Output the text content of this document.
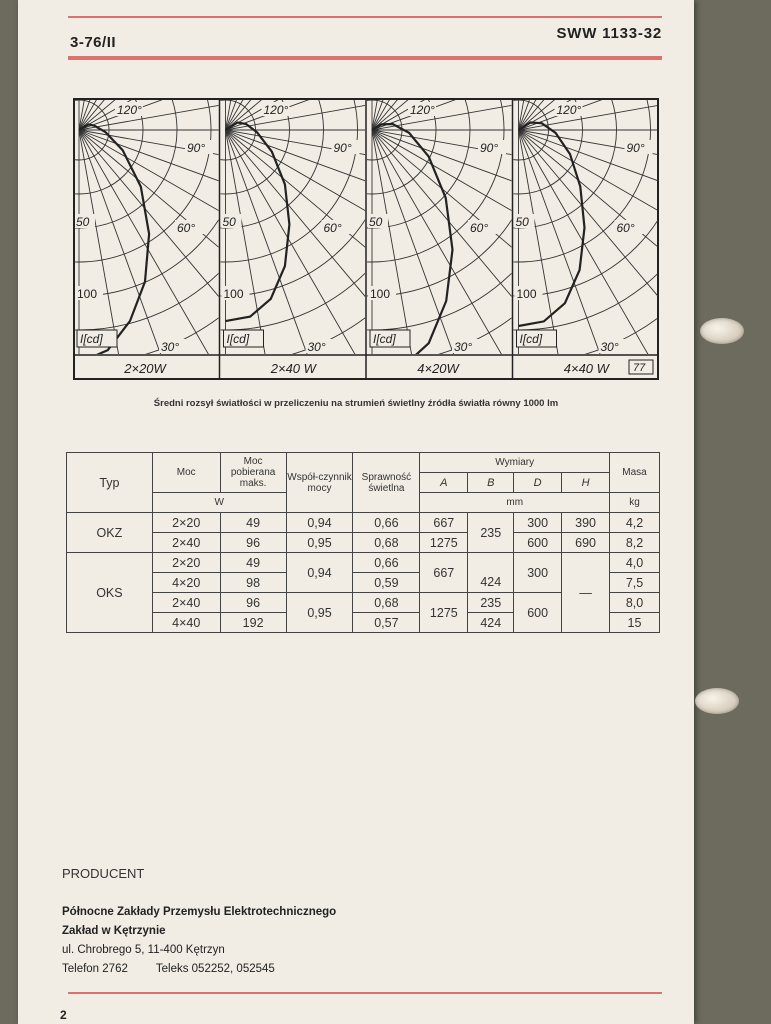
3-76/II
SWW 1133-32
120°
90°
60°
30°
50
100
I[cd]
2×20W
120°
90°
60°
30°
50
100
I[cd]
2×40 W
120°
90°
60°
30°
50
100
I[cd]
4×20W
120°
90°
60°
30°
50
100
I[cd]
4×40 W 77
Średni rozsył światłości w przeliczeniu na strumień świetlny źródła światła równy 1000 lm
Typ	Moc	Moc pobierana maks.	Współ-czynnik mocy	Sprawność świetlna	Wymiary				Masa
					A	B	D	H	
	W				mm				kg
OKZ	2×20	49	0,94	0,66	667	235	300	390	4,2
	2×40	96	0,95	0,68	1275		600	690	8,2
OKS	2×20	49	0,94	0,66	667		300	—	4,0
	4×20	98		0,59		424			7,5
	2×40	96	0,95	0,68	1275	235	600		8,0
	4×40	192		0,57		424			15
PRODUCENT
Północne Zakłady Przemysłu Elektrotechnicznego
Zakład w Kętrzynie
ul. Chrobrego 5, 11-400 Kętrzyn
Telefon 2762 Teleks 052252, 052545
2
